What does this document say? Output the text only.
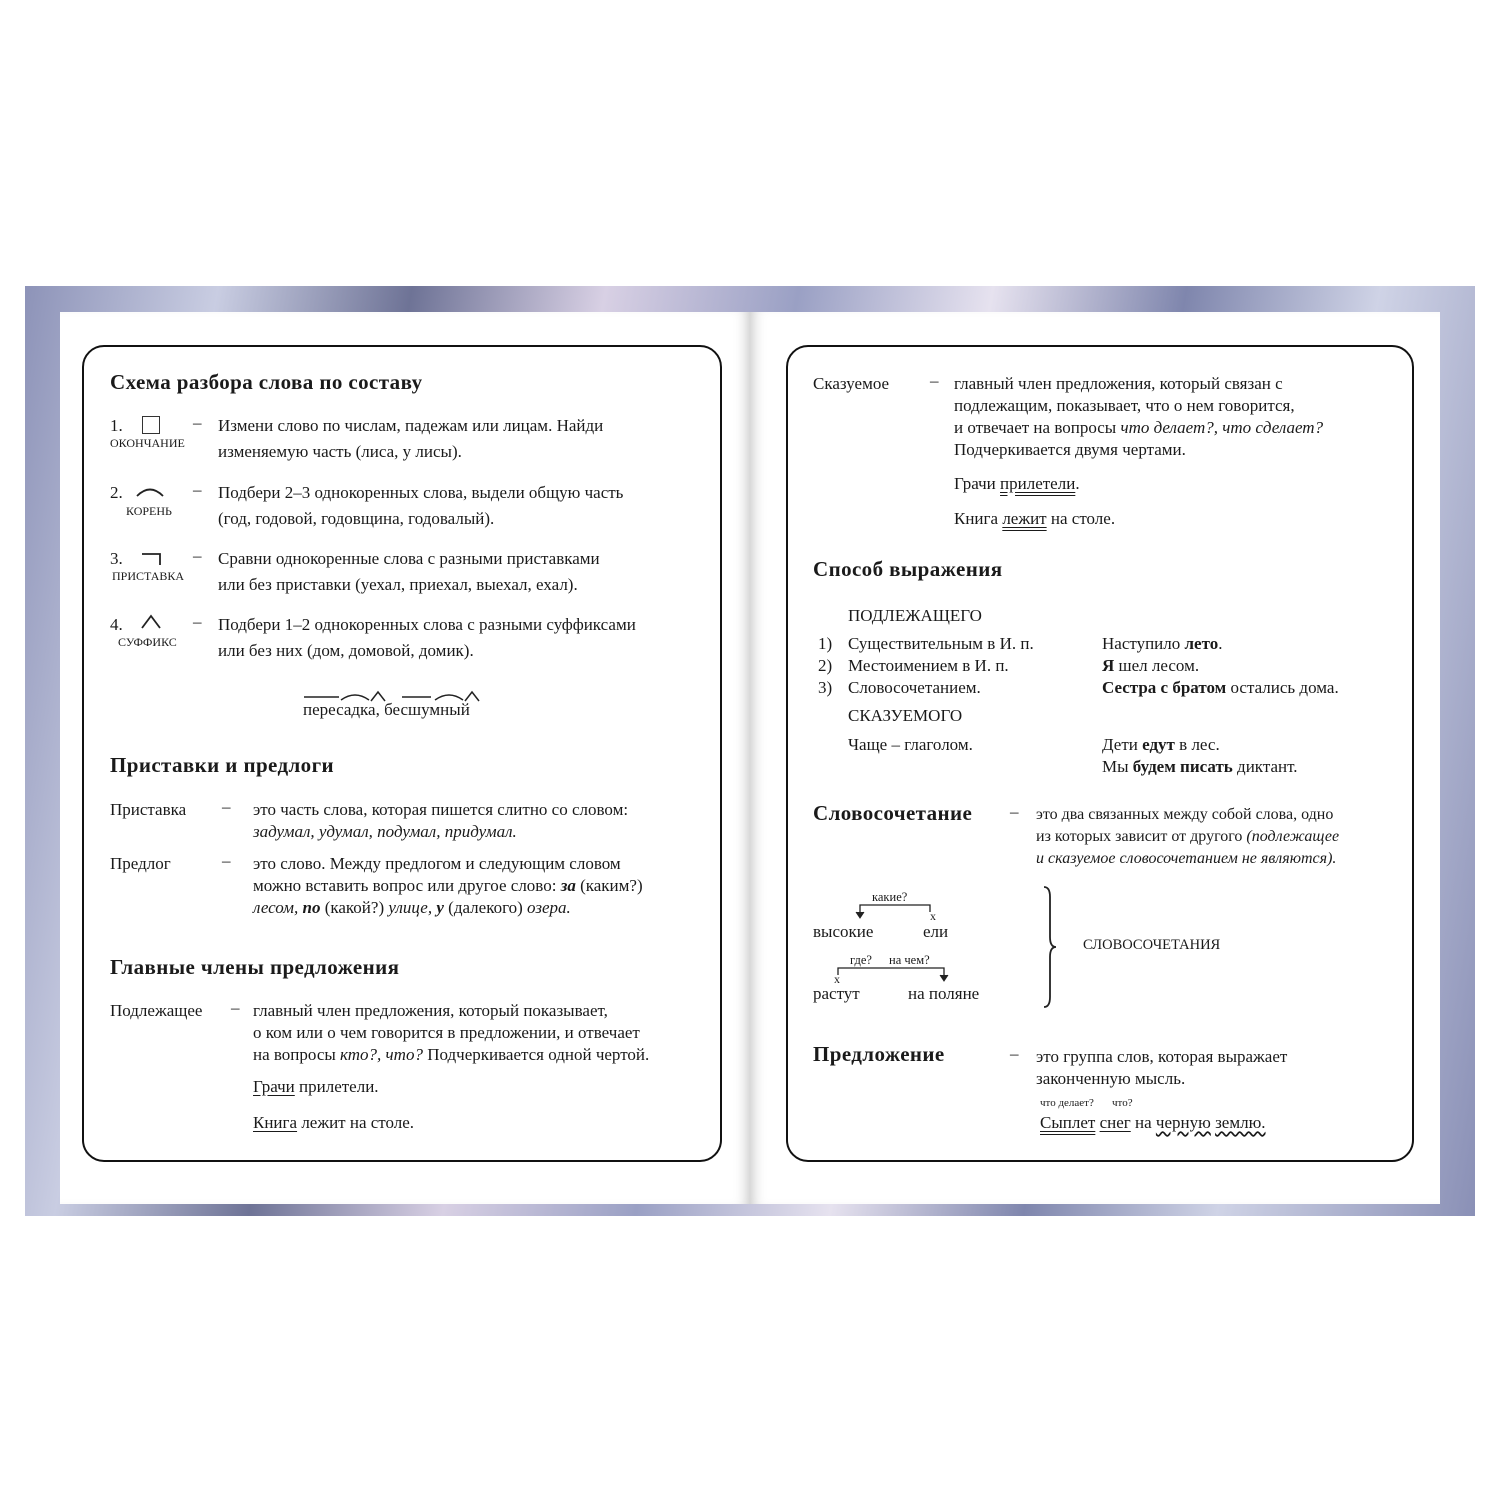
Схема разбора слова по составу
1.
ОКОНЧАНИЕ
– Измени слово по числам, падежам или лицам. Найди
изменяемую часть (лиса, у лисы).
2.
КОРЕНЬ
– Подбери 2–3 однокоренных слова, выдели общую часть
(год, годовой, годовщина, годовалый).
3.
ПРИСТАВКА
– Сравни однокоренные слова с разными приставками
или без приставки (уехал, приехал, выехал, ехал).
4.
СУФФИКС
– Подбери 1–2 однокоренных слова с разными суффиксами
или без них (дом, домовой, домик).
пересадка, бесшумный
Приставки и предлоги
Приставка – это часть слова, которая пишется слитно со словом:
задумал, удумал, подумал, придумал.
Предлог	– это слово. Между предлогом и следующим словом
можно вставить вопрос или другое слово: за (каким?)
лесом, по (какой?) улице, у (далекого) озера.
Главные члены предложения
Подлежащее – главный член предложения, который показывает,
о ком или о чем говорится в предложении, и отвечает
на вопросы кто?, что? Подчеркивается одной чертой.
Грачи прилетели.
Книга лежит на столе.
Сказуемое – главный член предложения, который связан с
подлежащим, показывает, что о нем говорится,
и отвечает на вопросы что делает?, что сделает?
Подчеркивается двумя чертами.
Грачи прилетели.
Книга лежит на столе.
Способ выражения
ПОДЛЕЖАЩЕГО
1) Существительным в И. п.	Наступило лето.
2) Местоимением в И. п.	Я шел лесом.
3) Словосочетанием.	Сестра с братом остались дома.
СКАЗУЕМОГО
Чаще – глаголом.	Дети едут в лес.
Мы будем писать диктант.
Словосочетание – это два связанных между собой слова, одно
из которых зависит от другого (подлежащее
и сказуемое словосочетанием не являются).
какие?
x
высокие	ели
где? на чем?
x
растут	на поляне
СЛОВОСОЧЕТАНИЯ
Предложение	– это группа слов, которая выражает
законченную мысль.
что делает? что?
Сыплет снег на черную землю.
